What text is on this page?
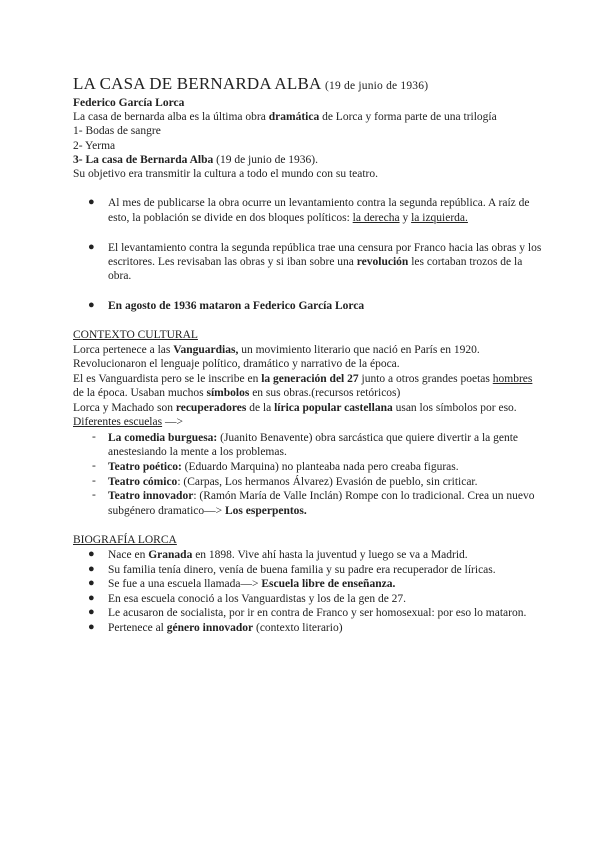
LA CASA DE BERNARDA ALBA (19 de junio de 1936)
Federico García Lorca
La casa de bernarda alba es la última obra dramática de Lorca y forma parte de una trilogía
1- Bodas de sangre
2- Yerma
3- La casa de Bernarda Alba (19 de junio de 1936).
Su objetivo era transmitir la cultura a todo el mundo con su teatro.
● Al mes de publicarse la obra ocurre un levantamiento contra la segunda república. A raíz de
esto, la población se divide en dos bloques políticos: la derecha y la izquierda.
● El levantamiento contra la segunda república trae una censura por Franco hacia las obras y los
escritores. Les revisaban las obras y si iban sobre una revolución les cortaban trozos de la
obra.
● En agosto de 1936 mataron a Federico García Lorca
CONTEXTO CULTURAL
Lorca pertenece a las Vanguardias, un movimiento literario que nació en París en 1920.
Revolucionaron el lenguaje político, dramático y narrativo de la época.
El es Vanguardista pero se le inscribe en la generación del 27 junto a otros grandes poetas hombres
de la época. Usaban muchos símbolos en sus obras.(recursos retóricos)
Lorca y Machado son recuperadores de la lírica popular castellana usan los símbolos por eso.
Diferentes escuelas —>
- La comedia burguesa: (Juanito Benavente) obra sarcástica que quiere divertir a la gente
anestesiando la mente a los problemas.
- Teatro poético: (Eduardo Marquina) no planteaba nada pero creaba figuras.
- Teatro cómico: (Carpas, Los hermanos Álvarez) Evasión de pueblo, sin criticar.
- Teatro innovador: (Ramón María de Valle Inclán) Rompe con lo tradicional. Crea un nuevo
subgénero dramatico—> Los esperpentos.
BIOGRAFÍA LORCA
● Nace en Granada en 1898. Vive ahí hasta la juventud y luego se va a Madrid.
● Su familia tenía dinero, venía de buena familia y su padre era recuperador de líricas.
● Se fue a una escuela llamada—> Escuela libre de enseñanza.
● En esa escuela conoció a los Vanguardistas y los de la gen de 27.
● Le acusaron de socialista, por ir en contra de Franco y ser homosexual: por eso lo mataron.
● Pertenece al género innovador (contexto literario)
